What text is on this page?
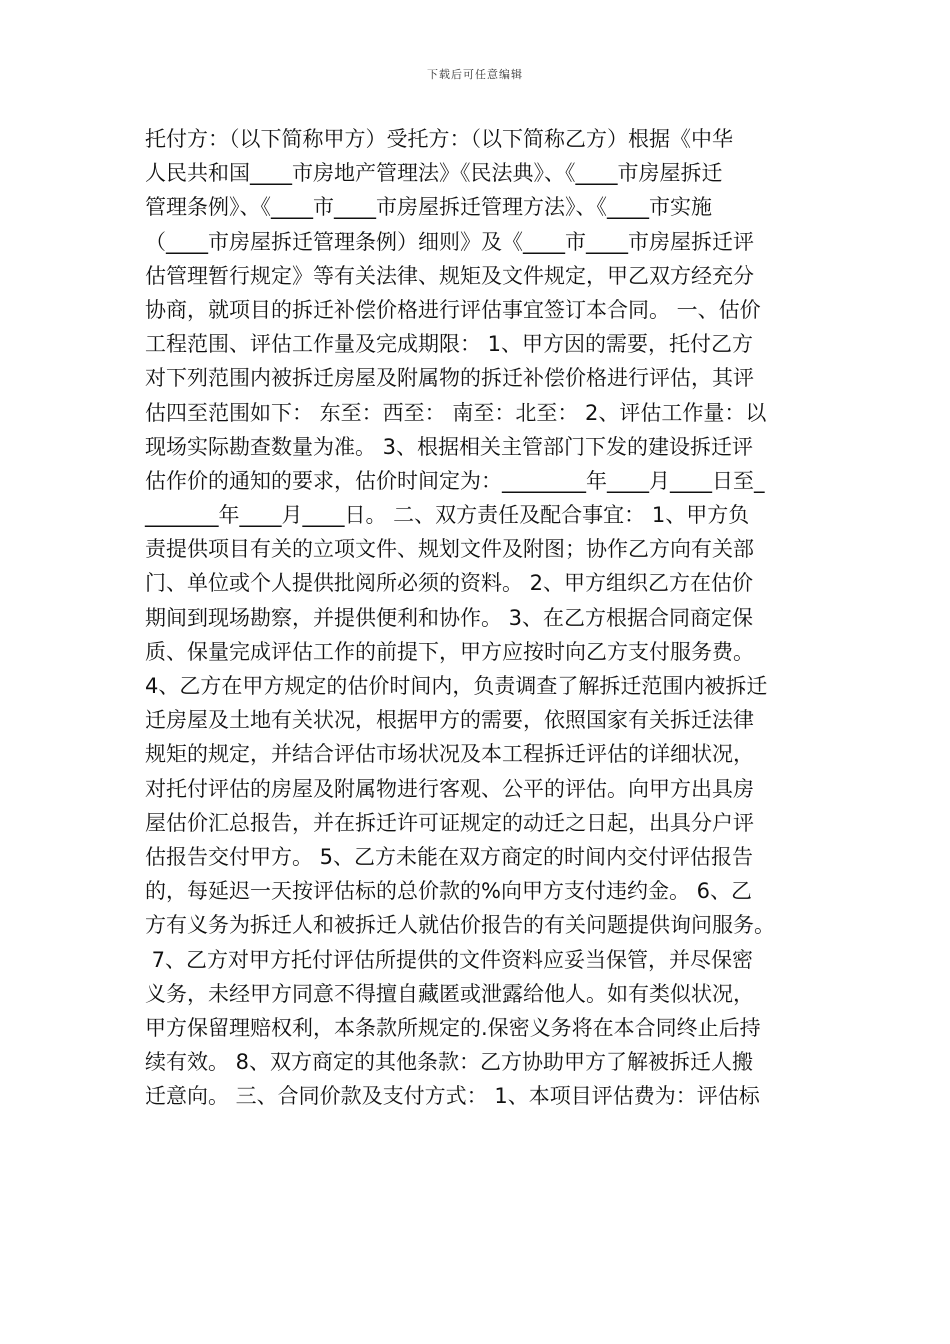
下载后可任意编辑
托付方：（以下简称甲方）受托方：（以下简称乙方）根据《中华
人民共和国____市房地产管理法》《民法典》、《____市房屋拆迁
管理条例》、《____市____市房屋拆迁管理方法》、《____市实施
（____市房屋拆迁管理条例）细则》及《____市____市房屋拆迁评
估管理暂行规定》等有关法律、规矩及文件规定，甲乙双方经充分
协商，就项目的拆迁补偿价格进行评估事宜签订本合同。 一、估价
工程范围、评估工作量及完成期限： 1、甲方因的需要，托付乙方
对下列范围内被拆迁房屋及附属物的拆迁补偿价格进行评估，其评
估四至范围如下： 东至：西至： 南至：北至： 2、评估工作量：以
现场实际勘查数量为准。 3、根据相关主管部门下发的建设拆迁评
估作价的通知的要求，估价时间定为：________年____月____日至_
_______年____月____日。 二、双方责任及配合事宜： 1、甲方负
责提供项目有关的立项文件、规划文件及附图；协作乙方向有关部
门、单位或个人提供批阅所必须的资料。 2、甲方组织乙方在估价
期间到现场勘察，并提供便利和协作。 3、在乙方根据合同商定保
质、保量完成评估工作的前提下，甲方应按时向乙方支付服务费。
4、乙方在甲方规定的估价时间内，负责调查了解拆迁范围内被拆迁
迁房屋及土地有关状况，根据甲方的需要，依照国家有关拆迁法律
规矩的规定，并结合评估市场状况及本工程拆迁评估的详细状况，
对托付评估的房屋及附属物进行客观、公平的评估。向甲方出具房
屋估价汇总报告，并在拆迁许可证规定的动迁之日起，出具分户评
估报告交付甲方。 5、乙方未能在双方商定的时间内交付评估报告
的，每延迟一天按评估标的总价款的%向甲方支付违约金。 6、乙
方有义务为拆迁人和被拆迁人就估价报告的有关问题提供询问服务。
7、乙方对甲方托付评估所提供的文件资料应妥当保管，并尽保密
义务，未经甲方同意不得擅自藏匿或泄露给他人。如有类似状况，
甲方保留理赔权利，本条款所规定的.保密义务将在本合同终止后持
续有效。 8、双方商定的其他条款：乙方协助甲方了解被拆迁人搬
迁意向。 三、合同价款及支付方式： 1、本项目评估费为：评估标
